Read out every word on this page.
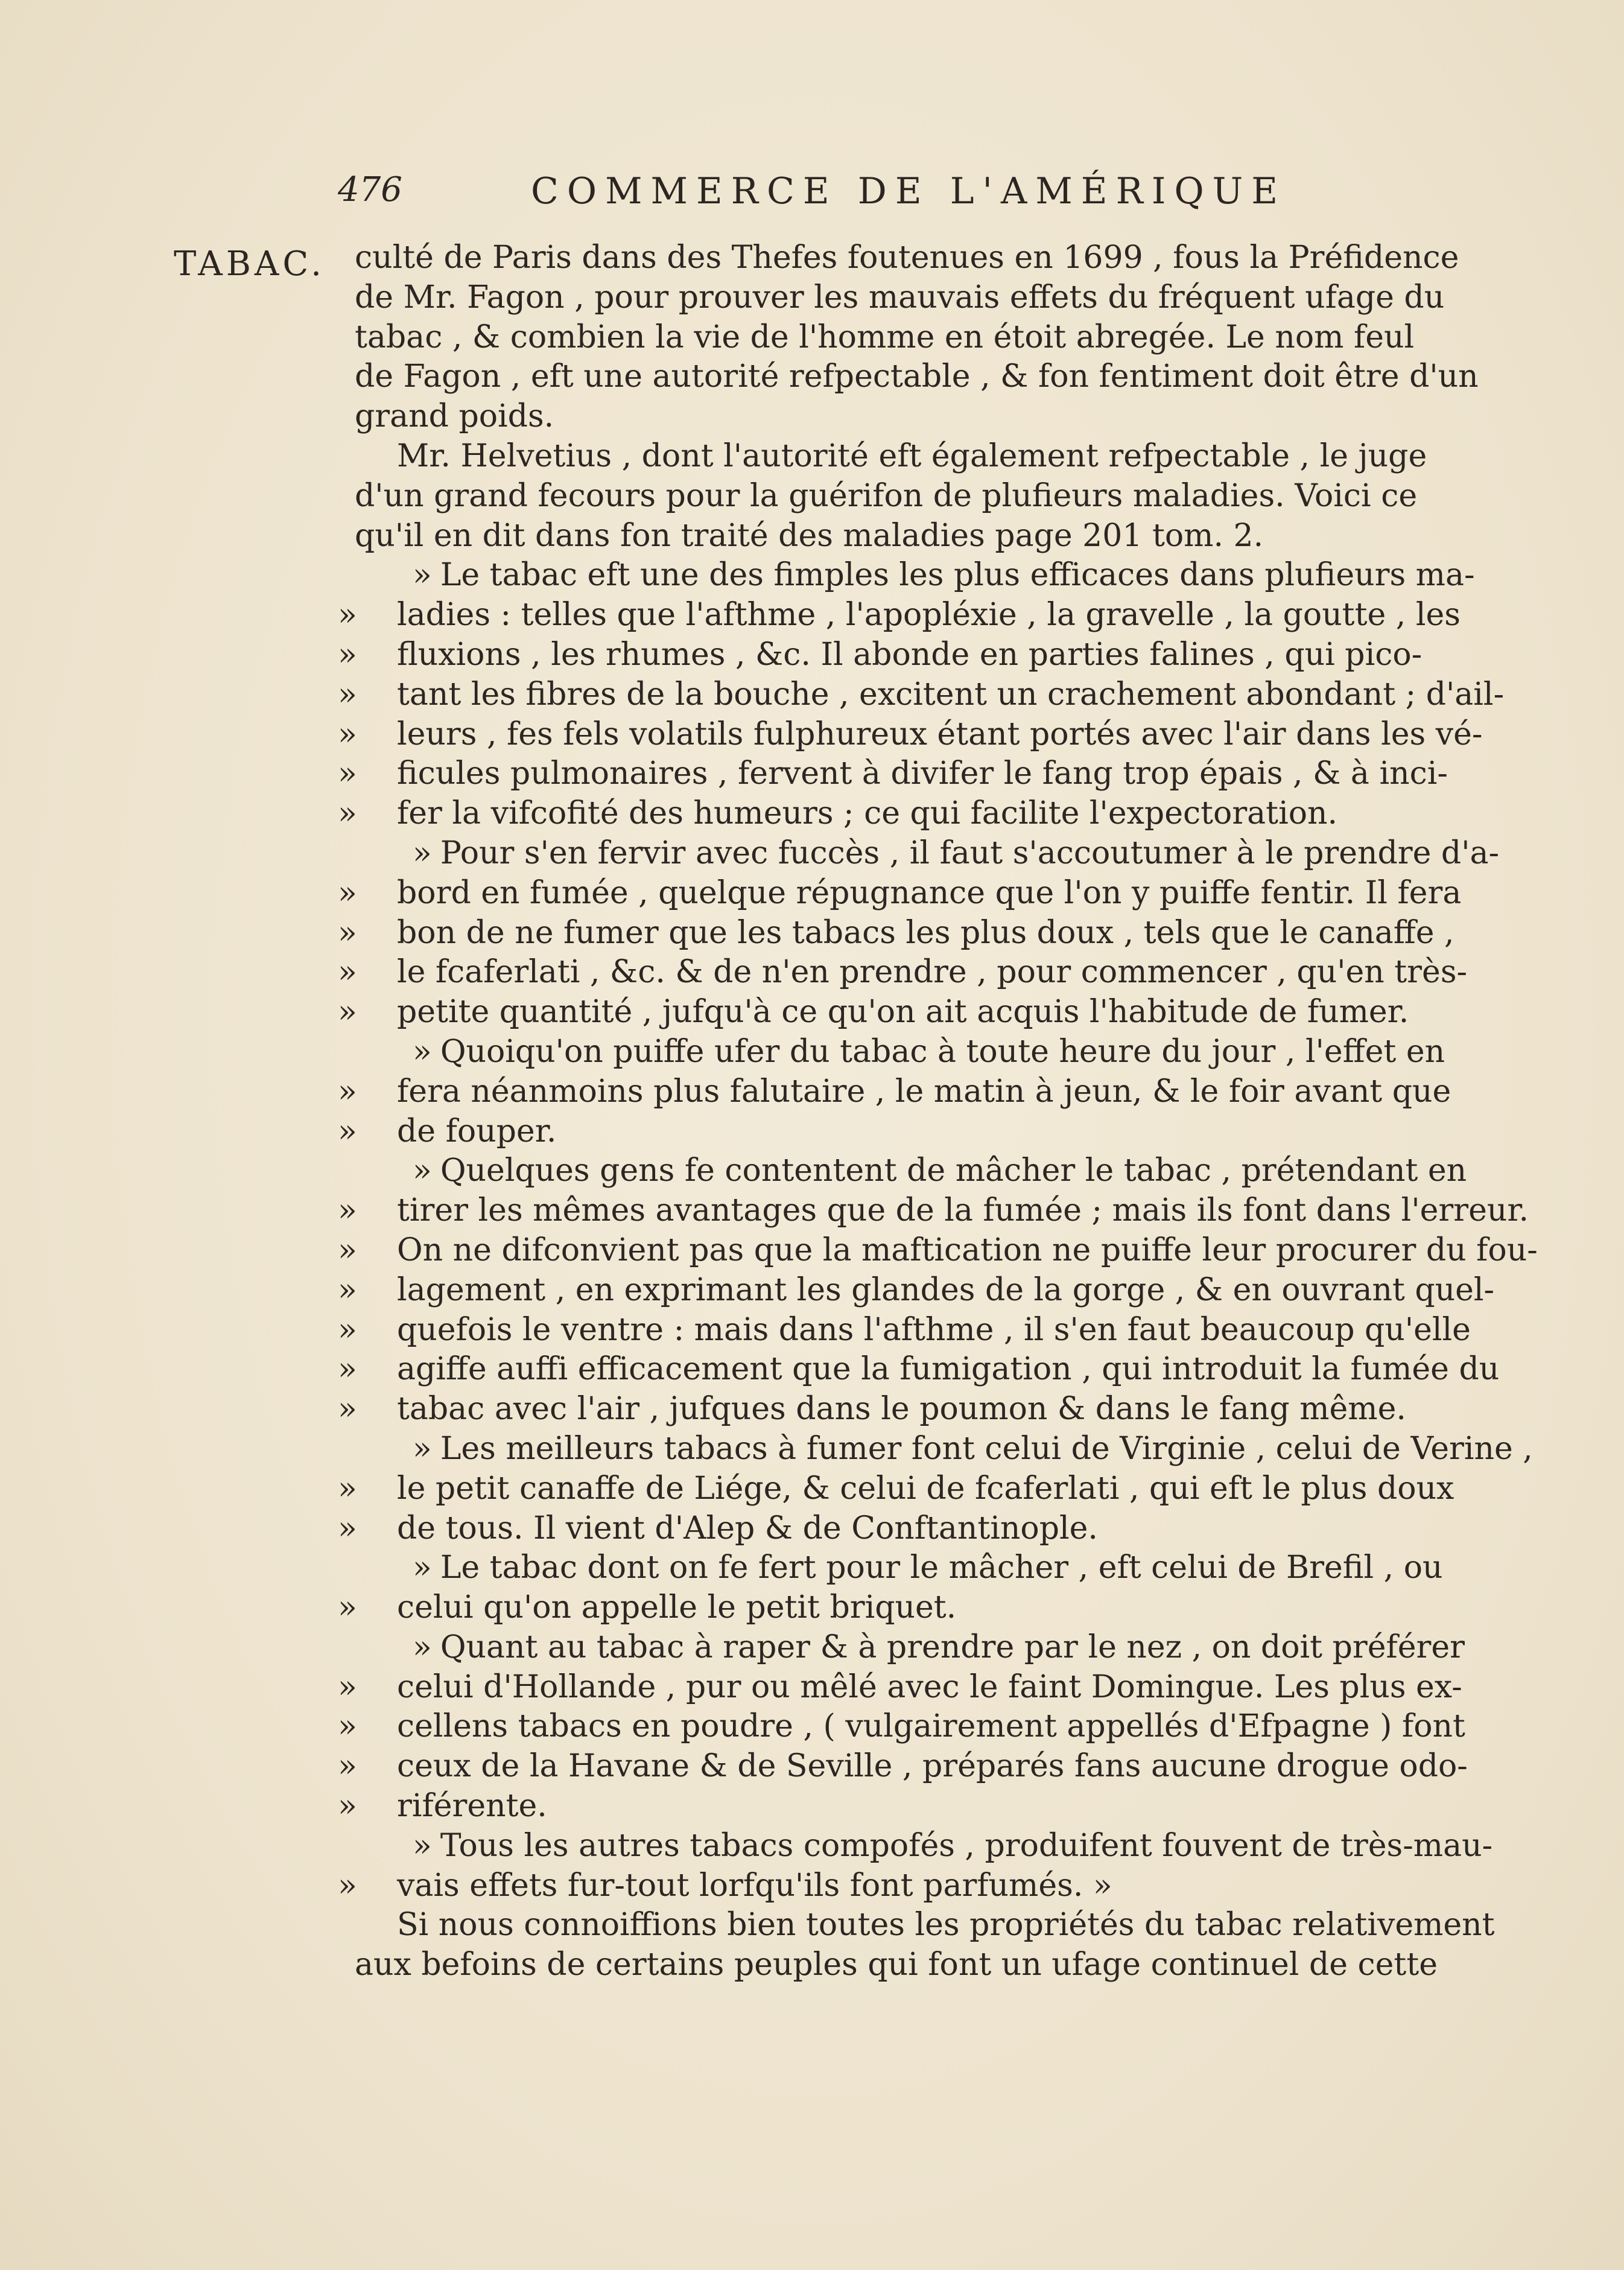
476	COMMERCE DE L'AMÉRIQUE
TABAC. culté de Paris dans des Thefes foutenues en 1699 , fous la Préfidence
de Mr. Fagon , pour prouver les mauvais effets du fréquent ufage du
tabac , & combien la vie de l'homme en étoit abregée. Le nom feul
de Fagon , eft une autorité refpectable , & fon fentiment doit être d'un
grand poids.
Mr. Helvetius , dont l'autorité eft également refpectable , le juge
d'un grand fecours pour la guérifon de plufieurs maladies. Voici ce
qu'il en dit dans fon traité des maladies page 201 tom. 2.
» Le tabac eft une des fimples les plus efficaces dans plufieurs ma-
» ladies : telles que l'afthme , l'apopléxie , la gravelle , la goutte , les
» fluxions , les rhumes , &c. Il abonde en parties falines , qui pico-
» tant les fibres de la bouche , excitent un crachement abondant ; d'ail-
» leurs , fes fels volatils fulphureux étant portés avec l'air dans les vé-
» ficules pulmonaires , fervent à divifer le fang trop épais , & à inci-
» fer la vifcofité des humeurs ; ce qui facilite l'expectoration.
» Pour s'en fervir avec fuccès , il faut s'accoutumer à le prendre d'a-
» bord en fumée , quelque répugnance que l'on y puiffe fentir. Il fera
» bon de ne fumer que les tabacs les plus doux , tels que le canaffe ,
» le fcaferlati , &c. & de n'en prendre , pour commencer , qu'en très-
» petite quantité , jufqu'à ce qu'on ait acquis l'habitude de fumer.
» Quoiqu'on puiffe ufer du tabac à toute heure du jour , l'effet en
» fera néanmoins plus falutaire , le matin à jeun, & le foir avant que
» de fouper.
» Quelques gens fe contentent de mâcher le tabac , prétendant en
» tirer les mêmes avantages que de la fumée ; mais ils font dans l'erreur.
» On ne difconvient pas que la maftication ne puiffe leur procurer du fou-
» lagement , en exprimant les glandes de la gorge , & en ouvrant quel-
» quefois le ventre : mais dans l'afthme , il s'en faut beaucoup qu'elle
» agiffe auffi efficacement que la fumigation , qui introduit la fumée du
» tabac avec l'air , jufques dans le poumon & dans le fang même.
» Les meilleurs tabacs à fumer font celui de Virginie , celui de Verine ,
» le petit canaffe de Liége, & celui de fcaferlati , qui eft le plus doux
» de tous. Il vient d'Alep & de Conftantinople.
» Le tabac dont on fe fert pour le mâcher , eft celui de Brefil , ou
» celui qu'on appelle le petit briquet.
» Quant au tabac à raper & à prendre par le nez , on doit préférer
» celui d'Hollande , pur ou mêlé avec le faint Domingue. Les plus ex-
» cellens tabacs en poudre , ( vulgairement appellés d'Efpagne ) font
» ceux de la Havane & de Seville , préparés fans aucune drogue odo-
» riférente.
» Tous les autres tabacs compofés , produifent fouvent de très-mau-
» vais effets fur-tout lorfqu'ils font parfumés. »
Si nous connoiffions bien toutes les propriétés du tabac relativement
aux befoins de certains peuples qui font un ufage continuel de cette
